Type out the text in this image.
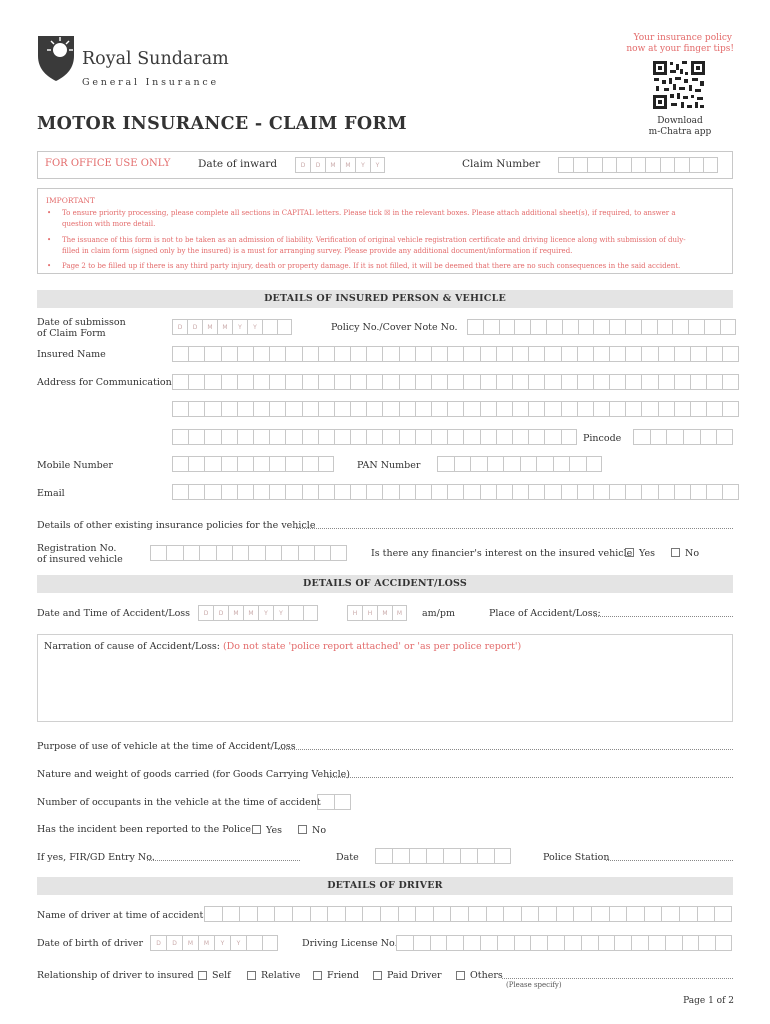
Royal Sundaram
General Insurance
Your insurance policy
now at your finger tips!
Download
m-Chatra app
MOTOR INSURANCE - CLAIM FORM
FOR OFFICE USE ONLY	Date of inward	D	D	M	M	Y	Y	Claim Number
IMPORTANT
• To ensure priority processing, please complete all sections in CAPITAL letters. Please tick ☒ in the relevant boxes. Please attach additional sheet(s), if required, to answer a
question with more detail.
• The issuance of this form is not to be taken as an admission of liability. Verification of original vehicle registration certificate and driving licence along with submission of duly-
filled in claim form (signed only by the insured) is a must for arranging survey. Please provide any additional document/information if required.
• Page 2 to be filled up if there is any third party injury, death or property damage. If it is not filled, it will be deemed that there are no such consequences in the said accident.
DETAILS OF INSURED PERSON & VEHICLE
Date of submisson
of Claim Form
D	D	M	M	Y	Y	Policy No./Cover Note No.
Insured Name
Address for Communication
Pincode
Mobile Number	PAN Number
Email
Details of other existing insurance policies for the vehicle
Registration No.
of insured vehicle
Is there any financier's interest on the insured vehicle Yes	No
DETAILS OF ACCIDENT/LOSS
Date and Time of Accident/Loss	D	D	M	M	Y	Y	H	H	M	M	am/pm	Place of Accident/Loss:
Narration of cause of Accident/Loss: (Do not state 'police report attached' or 'as per police report')
Purpose of use of vehicle at the time of Accident/Loss
Nature and weight of goods carried (for Goods Carrying Vehicle)
Number of occupants in the vehicle at the time of accident
Has the incident been reported to the Police Yes	No
If yes, FIR/GD Entry No.	Date	Police Station
DETAILS OF DRIVER
Name of driver at time of accident
Date of birth of driver	D	D	M	M	Y	Y	Driving License No.
Relationship of driver to insured Self	Relative	Friend	Paid Driver	Others
(Please specify)
Page 1 of 2
